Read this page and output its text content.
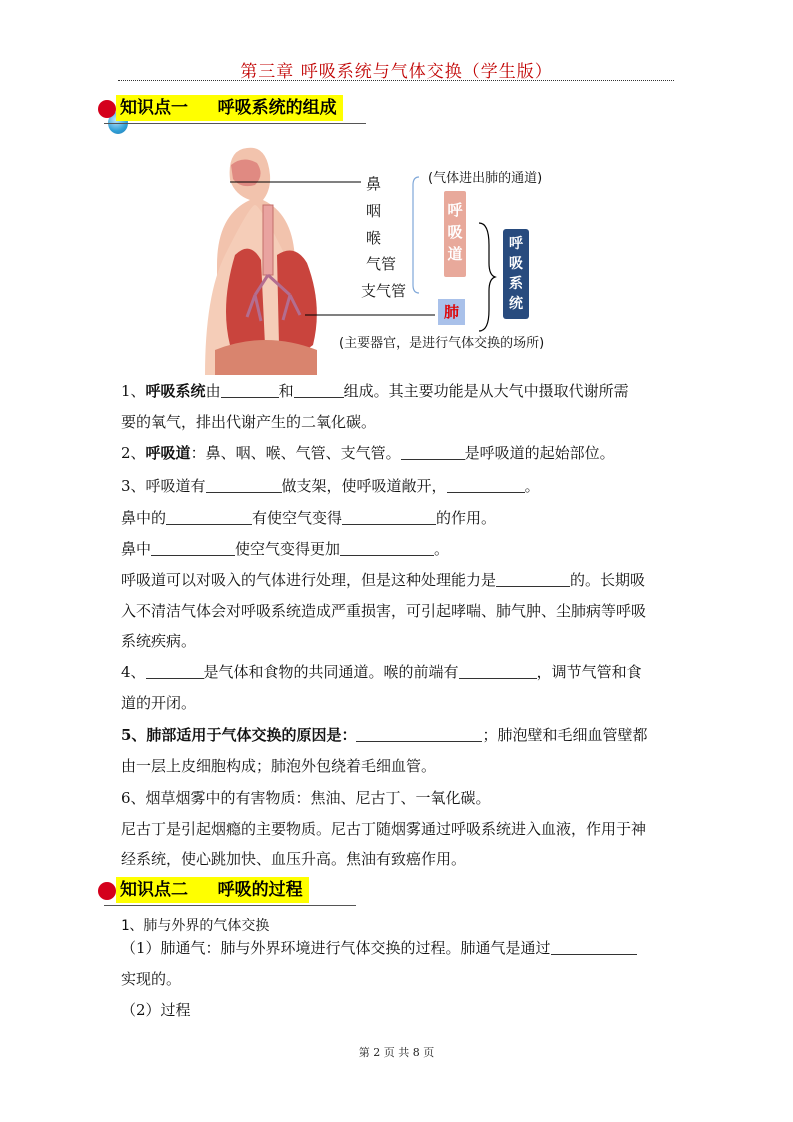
第三章 呼吸系统与气体交换（学生版）
知识点一     呼吸系统的组成
鼻
咽
喉
气管
支气管
(气体进出肺的通道)
呼
吸
道
肺
呼
吸
系
统
(主要器官，是进行气体交换的场所)
1、呼吸系统由	和	组成。其主要功能是从大气中摄取代谢所需
要的氧气，排出代谢产生的二氧化碳。
2、呼吸道：鼻、咽、喉、气管、支气管。	是呼吸道的起始部位。
3、呼吸道有	做支架，使呼吸道敞开，	。
鼻中的	有使空气变得	的作用。
鼻中	使空气变得更加	。
呼吸道可以对吸入的气体进行处理，但是这种处理能力是	的。长期吸
入不清洁气体会对呼吸系统造成严重损害，可引起哮喘、肺气肿、尘肺病等呼吸
系统疾病。
4、	是气体和食物的共同通道。喉的前端有	，调节气管和食
道的开闭。
5、肺部适用于气体交换的原因是：	；肺泡壁和毛细血管壁都
由一层上皮细胞构成；肺泡外包绕着毛细血管。
6、烟草烟雾中的有害物质：焦油、尼古丁、一氧化碳。
尼古丁是引起烟瘾的主要物质。尼古丁随烟雾通过呼吸系统进入血液，作用于神
经系统，使心跳加快、血压升高。焦油有致癌作用。
知识点二     呼吸的过程
1、肺与外界的气体交换
（1）肺通气：肺与外界环境进行气体交换的过程。肺通气是通过
实现的。
（2）过程
第 2 页 共 8 页
